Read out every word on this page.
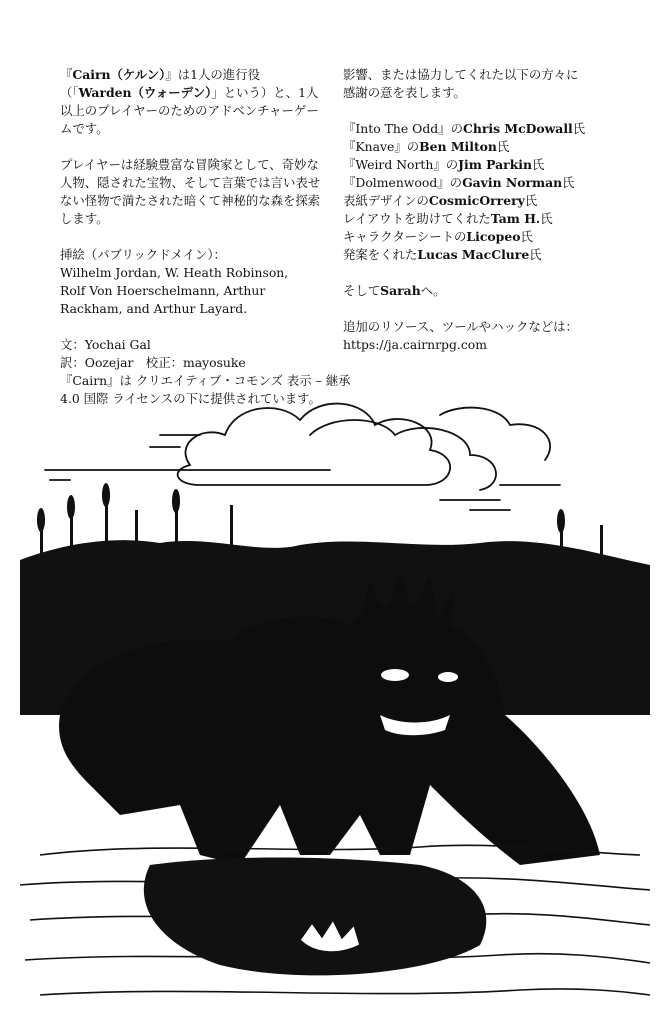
『Cairn（ケルン）』は1人の進行役（「Warden（ウォーデン）」という）と、1人以上のプレイヤーのためのアドベンチャーゲームです。

プレイヤーは経験豊富な冒険家として、奇妙な人物、隠された宝物、そして言葉では言い表せない怪物で満たされた暗くて神秘的な森を探索します。

挿絵（パブリックドメイン）：
Wilhelm Jordan, W. Heath Robinson,
Rolf Von Hoerschelmann, Arthur
Rackham, and Arthur Layard.

文：Yochai Gal
訳：Oozejar　校正：mayosuke
『Cairn』は クリエイティブ・コモンズ 表示 – 継承
4.0 国際 ライセンスの下に提供されています。

影響、または協力してくれた以下の方々に
感謝の意を表します。

『Into The Odd』のChris McDowall氏
『Knave』のBen Milton氏
『Weird North』のJim Parkin氏
『Dolmenwood』のGavin Norman氏
表紙デザインのCosmicOrrery氏
レイアウトを助けてくれたTam H.氏
キャラクターシートのLicopeo氏
発案をくれたLucas MacClure氏

そしてSarahへ。

追加のリソース、ツールやハックなどは：
https://ja.cairnrpg.com
